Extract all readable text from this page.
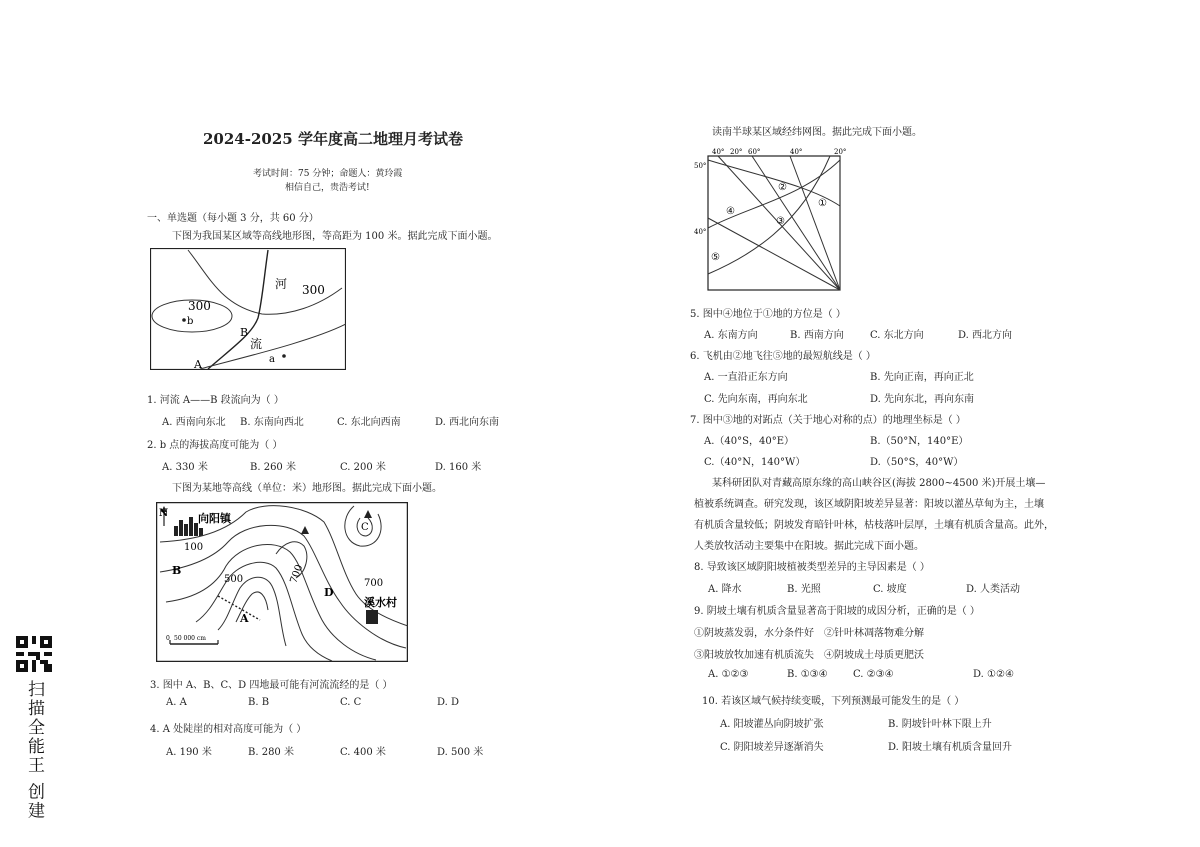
2024-2025 学年度高二地理月考试卷
考试时间：75 分钟；命题人：黄玲霞
相信自己，贵浩考试!
一、单选题（每小题 3 分，共 60 分）
下图为我国某区域等高线地形图，等高距为 100 米。据此完成下面小题。
河 300
300
b
B
流
A	a
1. 河流 A——B 段流向为（ ）
A. 西南向东北 B. 东南向西北	C. 东北向西南	D. 西北向东南
2. b 点的海拔高度可能为（ ）
A. 330 米	B. 260 米	C. 200 米	D. 160 米
下图为某地等高线（单位：米）地形图。据此完成下面小题。
N	向阳镇
100
500	700	700
B
A
C
D
溪水村
0 50 000 cm
3. 图中 A、B、C、D 四地最可能有河流流经的是（ ）
A. A	B. B	C. C	D. D
4. A 处陡崖的相对高度可能为（ ）
A. 190 米	B. 280 米	C. 400 米	D. 500 米
读南半球某区域经纬网图。据此完成下面小题。
40° 20° 60°	40°	20°
50°
40°
①
②
③
④
⑤
5. 图中④地位于①地的方位是（ ）
A. 东南方向	B. 西南方向	C. 东北方向	D. 西北方向
6. 飞机由②地飞往⑤地的最短航线是（ ）
A. 一直沿正东方向	B. 先向正南，再向正北
C. 先向东南，再向东北	D. 先向东北，再向东南
7. 图中③地的对跖点（关于地心对称的点）的地理坐标是（ ）
A.（40°S，40°E）	B.（50°N，140°E）
C.（40°N，140°W）	D.（50°S，40°W）
某科研团队对青藏高原东缘的高山峡谷区(海拔 2800~4500 米)开展土壤—
植被系统调查。研究发现，该区域阴阳坡差异显著：阳坡以灌丛草甸为主，土壤
有机质含量较低；阴坡发育暗针叶林，枯枝落叶层厚，土壤有机质含量高。此外，
人类放牧活动主要集中在阳坡。据此完成下面小题。
8. 导致该区域阴阳坡植被类型差异的主导因素是（ ）
A. 降水	B. 光照	C. 坡度	D. 人类活动
9. 阴坡土壤有机质含量显著高于阳坡的成因分析，正确的是（ ）
①阴坡蒸发弱，水分条件好　②针叶林凋落物难分解
③阳坡放牧加速有机质流失　④阴坡成土母质更肥沃
A. ①②③	B. ①③④	C. ②③④	D. ①②④
10. 若该区域气候持续变暖，下列预测最可能发生的是（ ）
A. 阳坡灌丛向阴坡扩张	B. 阴坡针叶林下限上升
C. 阴阳坡差异逐渐消失	D. 阳坡土壤有机质含量回升
扫描全能王 创建
